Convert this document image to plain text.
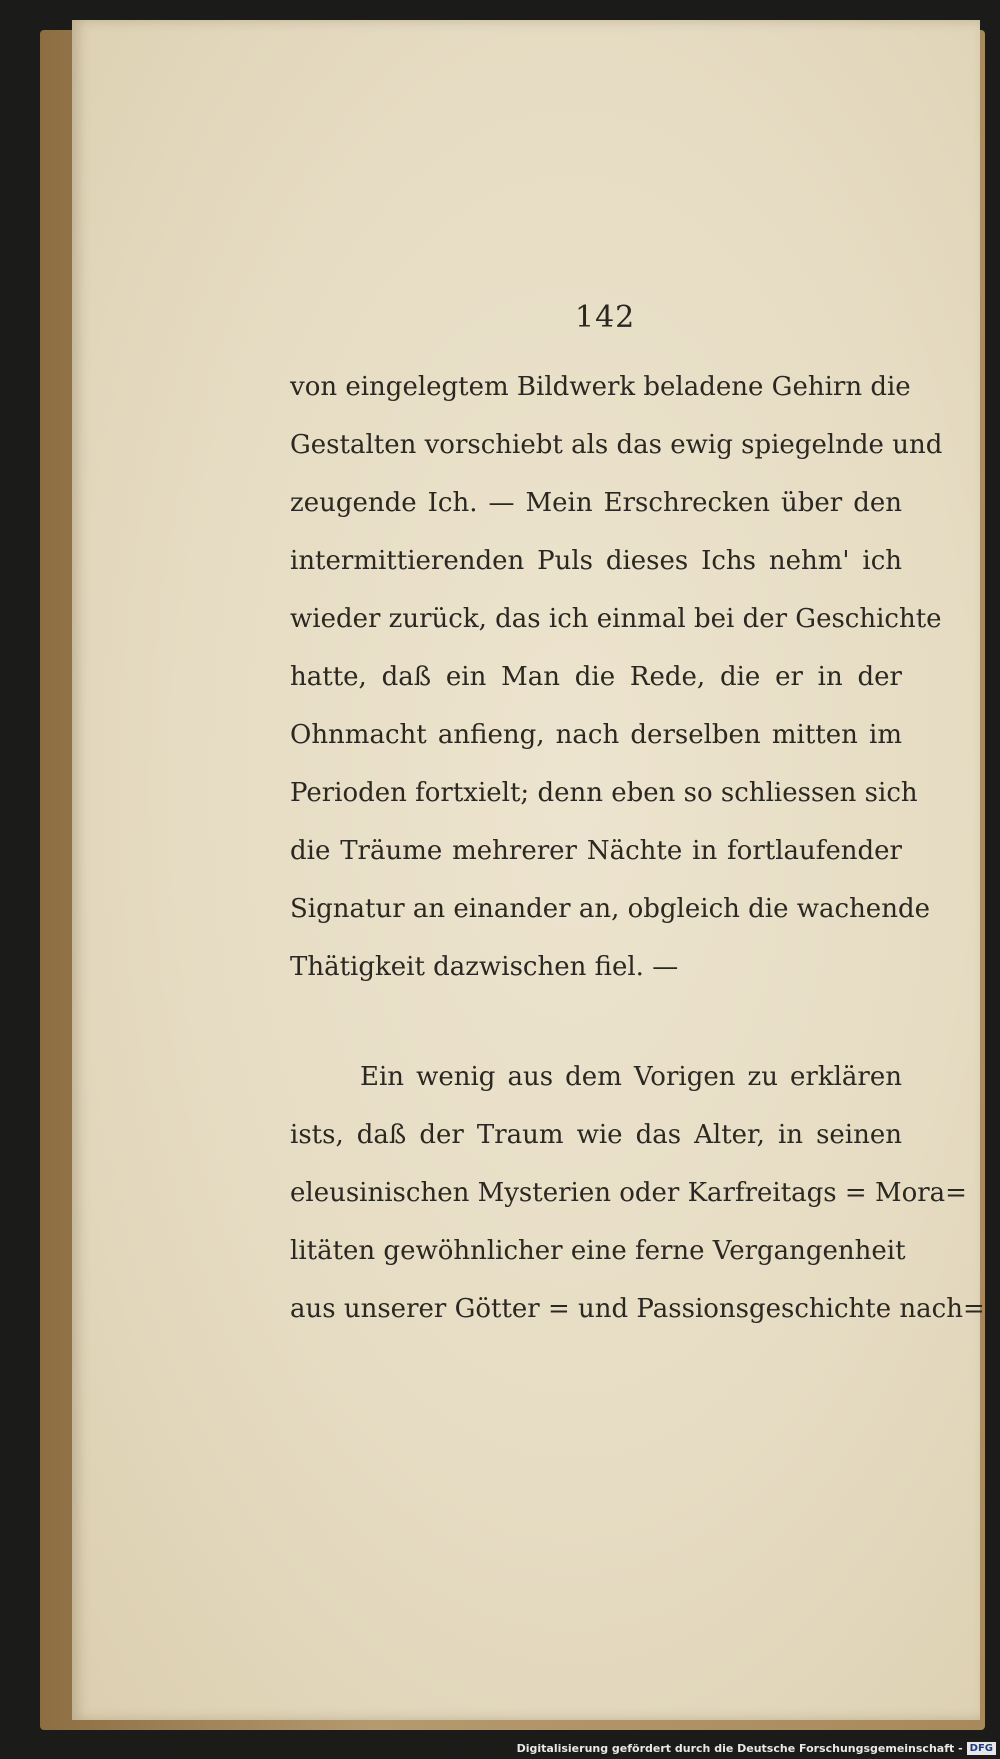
142
von eingelegtem Bildwerk beladene Gehirn die
Gestalten vorschiebt als das ewig spiegelnde und
zeugende Ich. — Mein Erschrecken über den
intermittierenden Puls dieses Ichs nehm' ich
wieder zurück, das ich einmal bei der Geschichte
hatte, daß ein Man die Rede, die er in der
Ohnmacht anfieng, nach derselben mitten im
Perioden fortхielt; denn eben so schliessen sich
die Träume mehrerer Nächte in fortlaufender
Signatur an einander an, obgleich die wachende
Thätigkeit dazwischen fiel. —
Ein wenig aus dem Vorigen zu erklären
ists, daß der Traum wie das Alter, in seinen
eleusinischen Mysterien oder Karfreitags = Mora=
litäten gewöhnlicher eine ferne Vergangenheit
aus unserer Götter = und Passionsgeschichte nach=
Digitalisierung gefördert durch die Deutsche Forschungsgemeinschaft - DFG
